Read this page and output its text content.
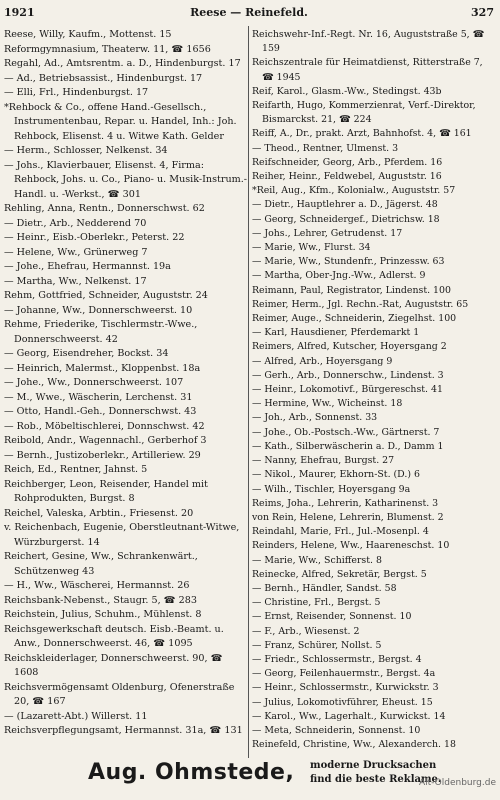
1921	Reese — Reinefeld.	327
Reese, Willy, Kaufm., Mottenst. 15
Reformgymnasium, Theaterw. 11, ☎ 1656
Regahl, Ad., Amtsrentm. a. D., Hindenburgst. 17
— Ad., Betriebsassist., Hindenburgst. 17
— Elli, Frl., Hindenburgst. 17
*Rehbock & Co., offene Hand.-Gesellsch., Instrumentenbau, Repar. u. Handel, Inh.: Joh. Rehbock, Elisenst. 4 u. Witwe Kath. Gelder
— Herm., Schlosser, Nelkenst. 34
— Johs., Klavierbauer, Elisenst. 4, Firma: Rehbock, Johs. u. Co., Piano- u. Musik-Instrum.-Handl. u. -Werkst., ☎ 301
Rehling, Anna, Rentn., Donnerschwst. 62
— Dietr., Arb., Nedderend 70
— Heinr., Eisb.-Oberlekr., Peterst. 22
— Helene, Ww., Grünerweg 7
— Johe., Ehefrau, Hermannst. 19a
— Martha, Ww., Nelkenst. 17
Rehm, Gottfried, Schneider, Auguststr. 24
— Johanne, Ww., Donnerschweerst. 10
Rehme, Friederike, Tischlermstr.-Wwe., Donnerschweerst. 42
— Georg, Eisendreher, Bockst. 34
— Heinrich, Malermst., Kloppenbst. 18a
— Johe., Ww., Donnerschweerst. 107
— M., Wwe., Wäscherin, Lerchenst. 31
— Otto, Handl.-Geh., Donnerschwst. 43
— Rob., Möbeltischlerei, Donnschwst. 42
Reibold, Andr., Wagennachl., Gerberhof 3
— Bernh., Justizoberlekr., Artilleriew. 29
Reich, Ed., Rentner, Jahnst. 5
Reichberger, Leon, Reisender, Handel mit Rohprodukten, Burgst. 8
Reichel, Valeska, Arbtin., Friesenst. 20
v. Reichenbach, Eugenie, Oberstleutnant-Witwe, Würzburgerst. 14
Reichert, Gesine, Ww., Schrankenwärt., Schützenweg 43
— H., Ww., Wäscherei, Hermannst. 26
Reichsbank-Nebenst., Staugr. 5, ☎ 283
Reichstein, Julius, Schuhm., Mühlenst. 8
Reichsgewerkschaft deutsch. Eisb.-Beamt. u. Anw., Donnerschweerst. 46, ☎ 1095
Reichskleiderlager, Donnerschweerst. 90, ☎ 1608
Reichsvermögensamt Oldenburg, Ofenerstraße 20, ☎ 167
— (Lazarett-Abt.) Willerst. 11
Reichsverpflegungsamt, Hermannst. 31a, ☎ 131
Reichswehr-Inf.-Regt. Nr. 16, Auguststraße 5, ☎ 159
Reichszentrale für Heimatdienst, Ritterstraße 7, ☎ 1945
Reif, Karol., Glasm.-Ww., Stedingst. 43b
Reifarth, Hugo, Kommerzienrat, Verf.-Direktor, Bismarckst. 21, ☎ 224
Reiff, A., Dr., prakt. Arzt, Bahnhofst. 4, ☎ 161
— Theod., Rentner, Ulmenst. 3
Reifschneider, Georg, Arb., Pferdem. 16
Reiher, Heinr., Feldwebel, Auguststr. 16
*Reil, Aug., Kfm., Kolonialw., Auguststr. 57
— Dietr., Hauptlehrer a. D., Jägerst. 48
— Georg, Schneidergef., Dietrichsw. 18
— Johs., Lehrer, Getrudenst. 17
— Marie, Ww., Flurst. 34
— Marie, Ww., Stundenfr., Prinzessw. 63
— Martha, Ober-Jng.-Ww., Adlerst. 9
Reimann, Paul, Registrator, Lindenst. 100
Reimer, Herm., Jgl. Rechn.-Rat, Auguststr. 65
Reimer, Auge., Schneiderin, Ziegelhst. 100
— Karl, Hausdiener, Pferdemarkt 1
Reimers, Alfred, Kutscher, Hoyersgang 2
— Alfred, Arb., Hoyersgang 9
— Gerh., Arb., Donnerschw., Lindenst. 3
— Heinr., Lokomotivf., Bürgereschst. 41
— Hermine, Ww., Wicheinst. 18
— Joh., Arb., Sonnenst. 33
— Johe., Ob.-Postsch.-Ww., Gärtnerst. 7
— Kath., Silberwäscherin a. D., Damm 1
— Nanny, Ehefrau, Burgst. 27
— Nikol., Maurer, Ekhorn-St. (D.) 6
— Wilh., Tischler, Hoyersgang 9a
Reims, Joha., Lehrerin, Katharinenst. 3
von Rein, Helene, Lehrerin, Blumenst. 2
Reindahl, Marie, Frl., Jul.-Mosenpl. 4
Reinders, Helene, Ww., Haareneschst. 10
— Marie, Ww., Schifferst. 8
Reinecke, Alfred, Sekretär, Bergst. 5
— Bernh., Händler, Sandst. 58
— Christine, Frl., Bergst. 5
— Ernst, Reisender, Sonnenst. 10
— F., Arb., Wiesenst. 2
— Franz, Schürer, Nollst. 5
— Friedr., Schlossermstr., Bergst. 4
— Georg, Feilenhauermstr., Bergst. 4a
— Heinr., Schlossermstr., Kurwickstr. 3
— Julius, Lokomotivführer, Eheust. 15
— Karol., Ww., Lagerhalt., Kurwickst. 14
— Meta, Schneiderin, Sonnenst. 10
Reinefeld, Christine, Ww., Alexanderch. 18
Aug. Ohmstede, moderne Drucksachen
find die beste Reklame.
Alt-Oldenburg.de
